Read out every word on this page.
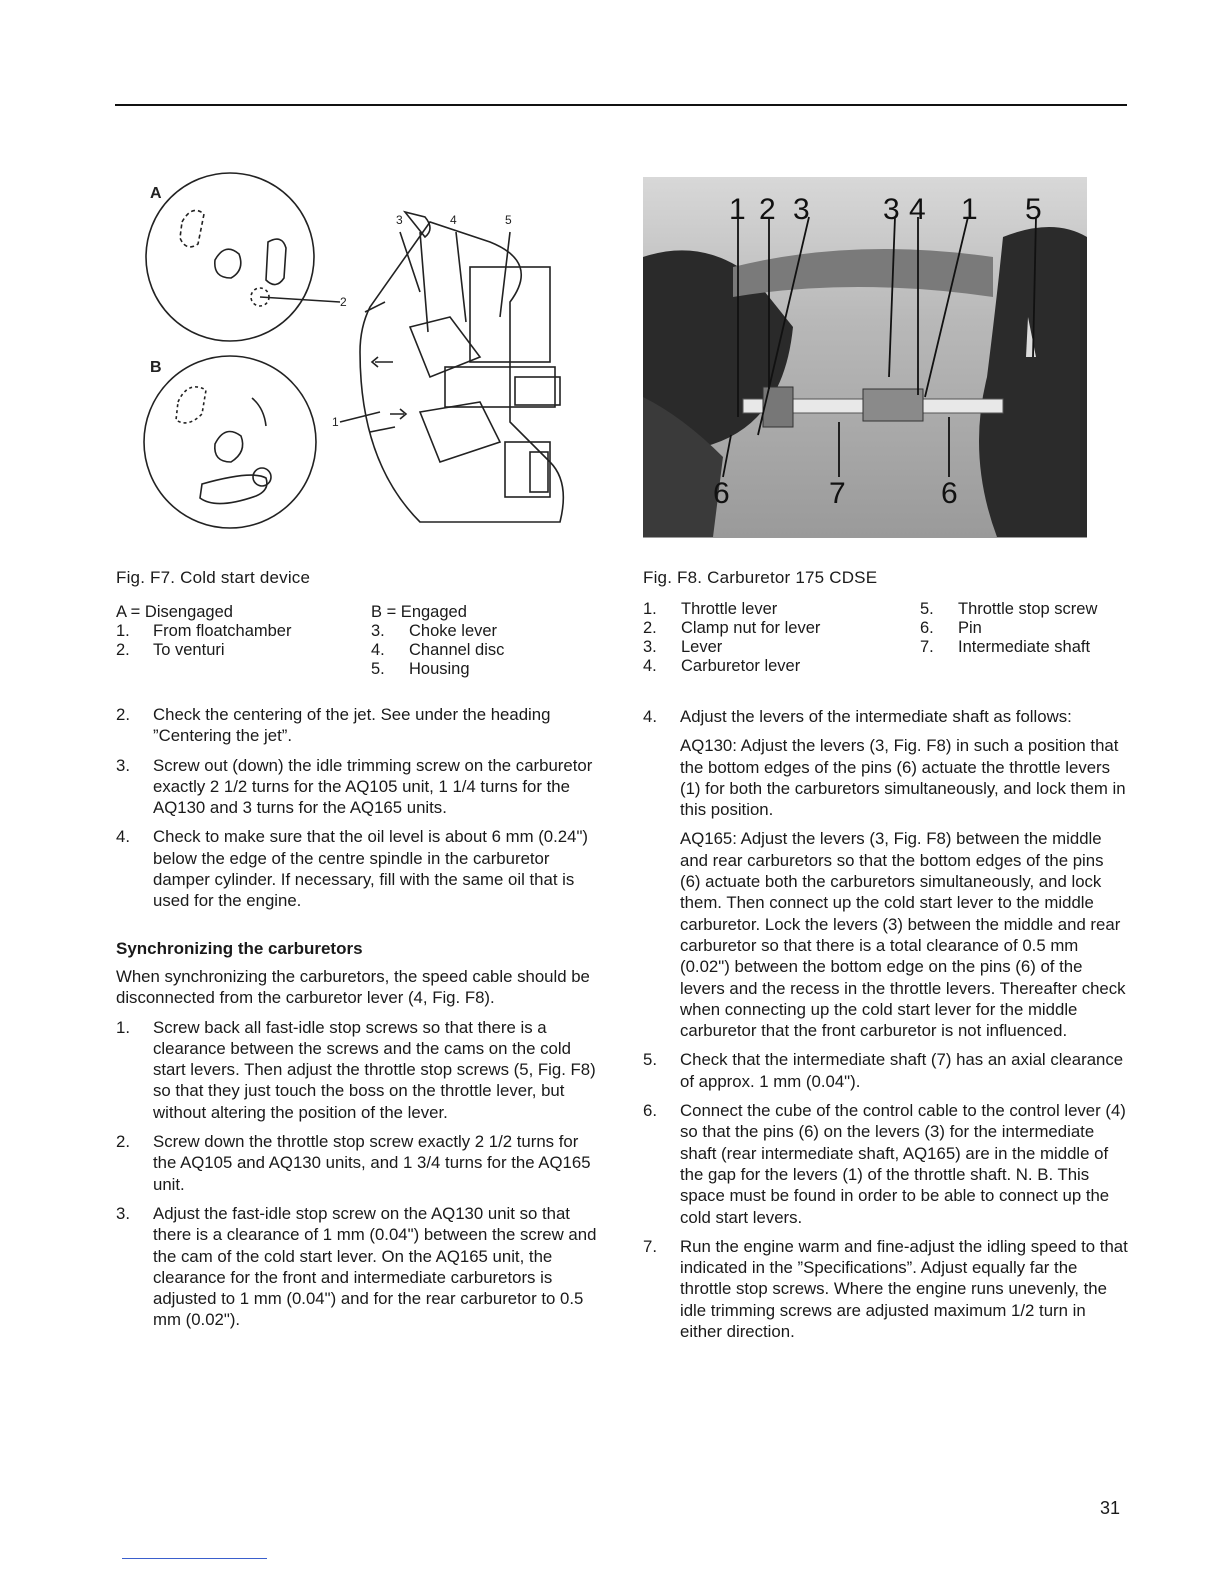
A
B
1
2
3	4	5	1 2 3 3 4 1 5
6	7	6
Fig. F7. Cold start device	Fig. F8. Carburetor 175 CDSE
A = Disengaged
1.	From floatchamber
2.	To venturi
B = Engaged
3.	Choke lever
4.	Channel disc
5.	Housing
1.	Throttle lever
2.	Clamp nut for lever
3.	Lever
4.	Carburetor lever
5.	Throttle stop screw
6.	Pin
7.	Intermediate shaft
2.	Check the centering of the jet. See under the heading ”Centering the jet”.
3.	Screw out (down) the idle trimming screw on the carburetor exactly 2 1/2 turns for the AQ105 unit, 1 1/4 turns for the AQ130 and 3 turns for the AQ165 units.
4.	Check to make sure that the oil level is about 6 mm (0.24") below the edge of the centre spindle in the carburetor damper cylinder. If necessary, fill with the same oil that is used for the engine.
Synchronizing the carburetors
When synchronizing the carburetors, the speed cable should be disconnected from the carburetor lever (4, Fig. F8).
1.	Screw back all fast-idle stop screws so that there is a clearance between the screws and the cams on the cold start levers. Then adjust the throttle stop screws (5, Fig. F8) so that they just touch the boss on the throttle lever, but without altering the position of the lever.
2.	Screw down the throttle stop screw exactly 2 1/2 turns for the AQ105 and AQ130 units, and 1 3/4 turns for the AQ165 unit.
3.	Adjust the fast-idle stop screw on the AQ130 unit so that there is a clearance of 1 mm (0.04") between the screw and the cam of the cold start lever. On the AQ165 unit, the clearance for the front and intermediate carburetors is adjusted to 1 mm (0.04") and for the rear carburetor to 0.5 mm (0.02").
4.	Adjust the levers of the intermediate shaft as follows:
AQ130: Adjust the levers (3, Fig. F8) in such a position that the bottom edges of the pins (6) actuate the throttle levers (1) for both the carburetors simultaneously, and lock them in this position.
AQ165: Adjust the levers (3, Fig. F8) between the middle and rear carburetors so that the bottom edges of the pins (6) actuate both the carburetors simultaneously, and lock them. Then connect up the cold start lever to the middle carburetor. Lock the levers (3) between the middle and rear carburetor so that there is a total clearance of 0.5 mm (0.02") between the bottom edge on the pins (6) of the levers and the recess in the throttle levers. Thereafter check when connecting up the cold start lever for the middle carburetor that the front carburetor is not influenced.
5.	Check that the intermediate shaft (7) has an axial clearance of approx. 1 mm (0.04").
6.	Connect the cube of the control cable to the control lever (4) so that the pins (6) on the levers (3) for the intermediate shaft (rear intermediate shaft, AQ165) are in the middle of the gap for the levers (1) of the throttle shaft. N. B. This space must be found in order to be able to connect up the cold start levers.
7.	Run the engine warm and fine-adjust the idling speed to that indicated in the ”Specifications”. Adjust equally far the throttle stop screws. Where the engine runs unevenly, the idle trimming screws are adjusted maximum 1/2 turn in either direction.
31
